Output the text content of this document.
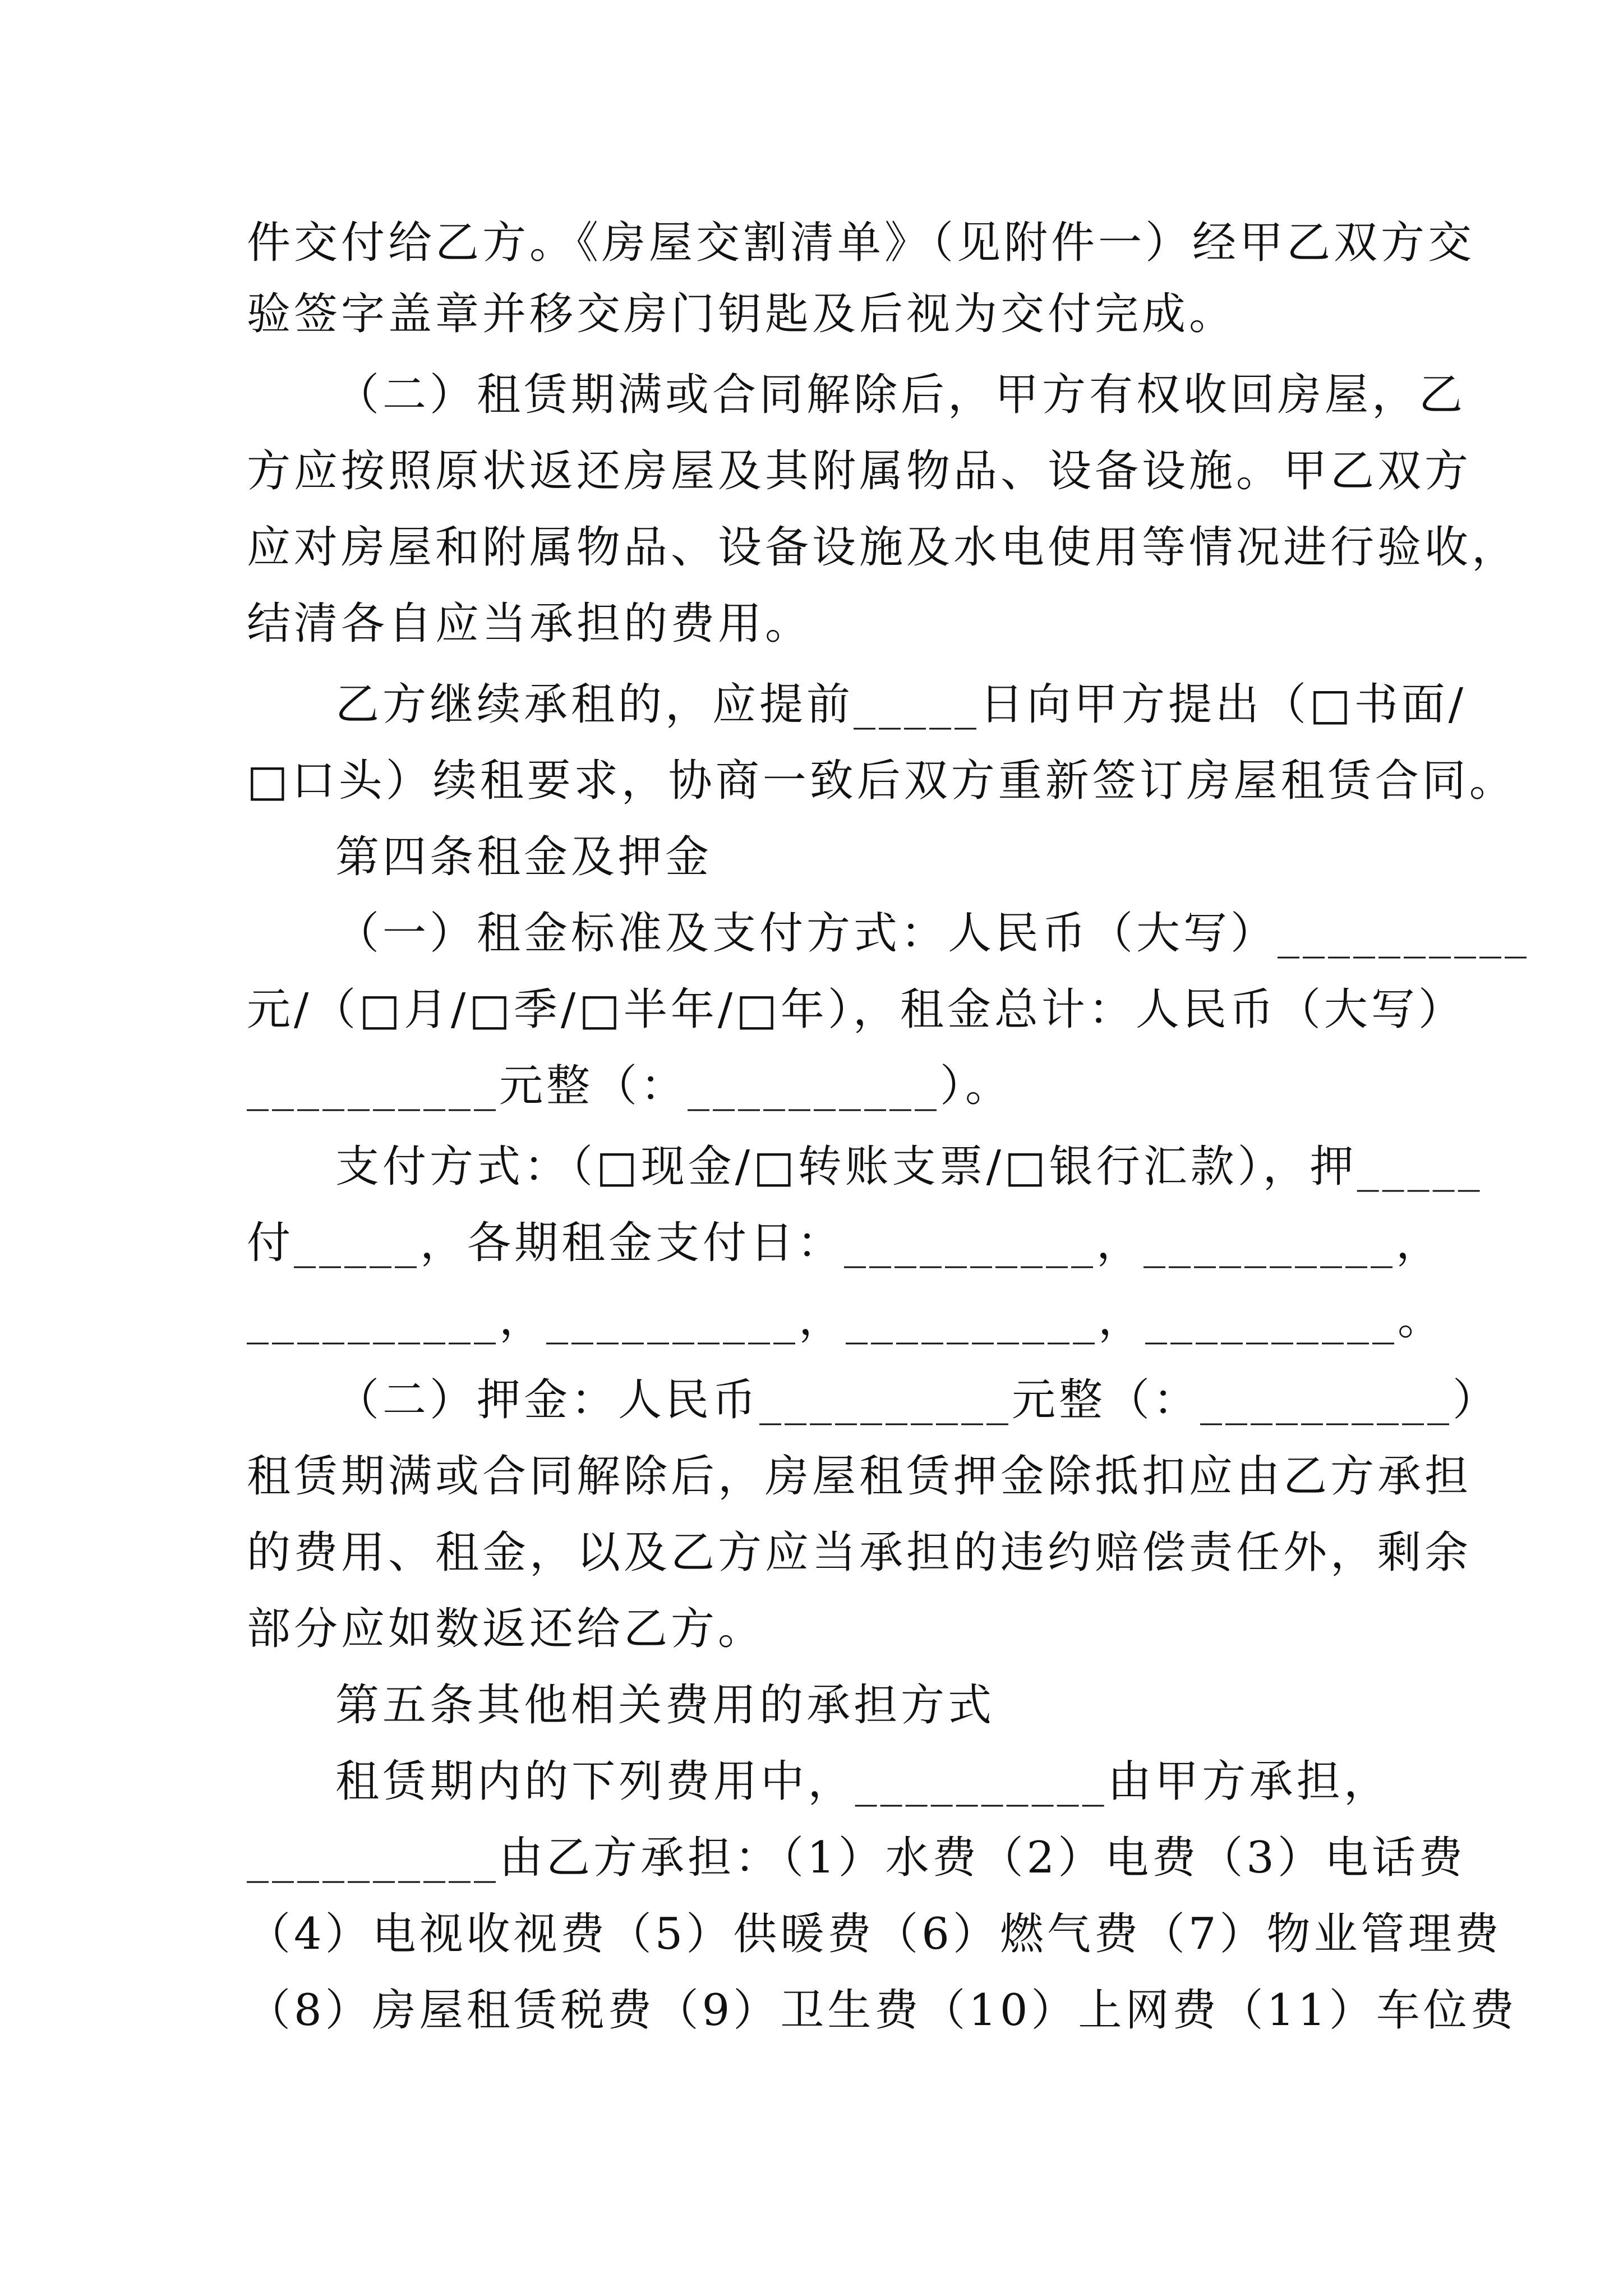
件交付给乙方。《房屋交割清单》（见附件一）经甲乙双方交
验签字盖章并移交房门钥匙及后视为交付完成。
（二）租赁期满或合同解除后，甲方有权收回房屋，乙
方应按照原状返还房屋及其附属物品、设备设施。甲乙双方
应对房屋和附属物品、设备设施及水电使用等情况进行验收，
结清各自应当承担的费用。
乙方继续承租的，应提前_____日向甲方提出（□书面/
□口头）续租要求，协商一致后双方重新签订房屋租赁合同。
第四条租金及押金
（一）租金标准及支付方式：人民币（大写）__________
元/（□月/□季/□半年/□年），租金总计：人民币（大写）
__________元整（：__________）。
支付方式：（□现金/□转账支票/□银行汇款），押_____
付_____，各期租金支付日：__________，__________，
__________，__________，__________，__________。
（二）押金：人民币__________元整（：__________）
租赁期满或合同解除后，房屋租赁押金除抵扣应由乙方承担
的费用、租金，以及乙方应当承担的违约赔偿责任外，剩余
部分应如数返还给乙方。
第五条其他相关费用的承担方式
租赁期内的下列费用中，__________由甲方承担，
__________由乙方承担：（1）水费（2）电费（3）电话费
（4）电视收视费（5）供暖费（6）燃气费（7）物业管理费
（8）房屋租赁税费（9）卫生费（10）上网费（11）车位费
